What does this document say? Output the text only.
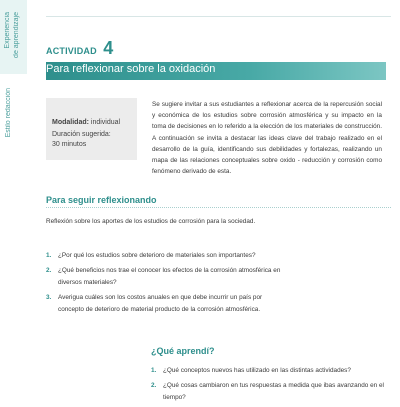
Experiencia de aprendizaje
Estilo redacción
ACTIVIDAD 4
Para reflexionar sobre la oxidación
Modalidad: individual
Duración sugerida:
30 minutos
Se sugiere invitar a sus estudiantes a reflexionar acerca de la repercusión social y económica de los estudios sobre corrosión atmosférica y su impacto en la toma de decisiones en lo referido a la elección de los materiales de construcción. A continuación se invita a destacar las ideas clave del trabajo realizado en el desarrollo de la guía, identificando sus debilidades y fortalezas, realizando un mapa de las relaciones conceptuales sobre oxido - reducción y corrosión como fenómeno derivado de esta.
Para seguir reflexionando
Reflexión sobre los aportes de los estudios de corrosión para la sociedad.
1. ¿Por qué los estudios sobre deterioro de materiales son importantes?
2. ¿Qué beneficios nos trae el conocer los efectos de la corrosión atmosférica en diversos materiales?
3. Averigua cuáles son los costos anuales en que debe incurrir un país por concepto de deterioro de material producto de la corrosión atmosférica.
¿Qué aprendí?
1. ¿Qué conceptos nuevos has utilizado en las distintas actividades?
2. ¿Qué cosas cambiaron en tus respuestas a medida que ibas avanzando en el tiempo?
